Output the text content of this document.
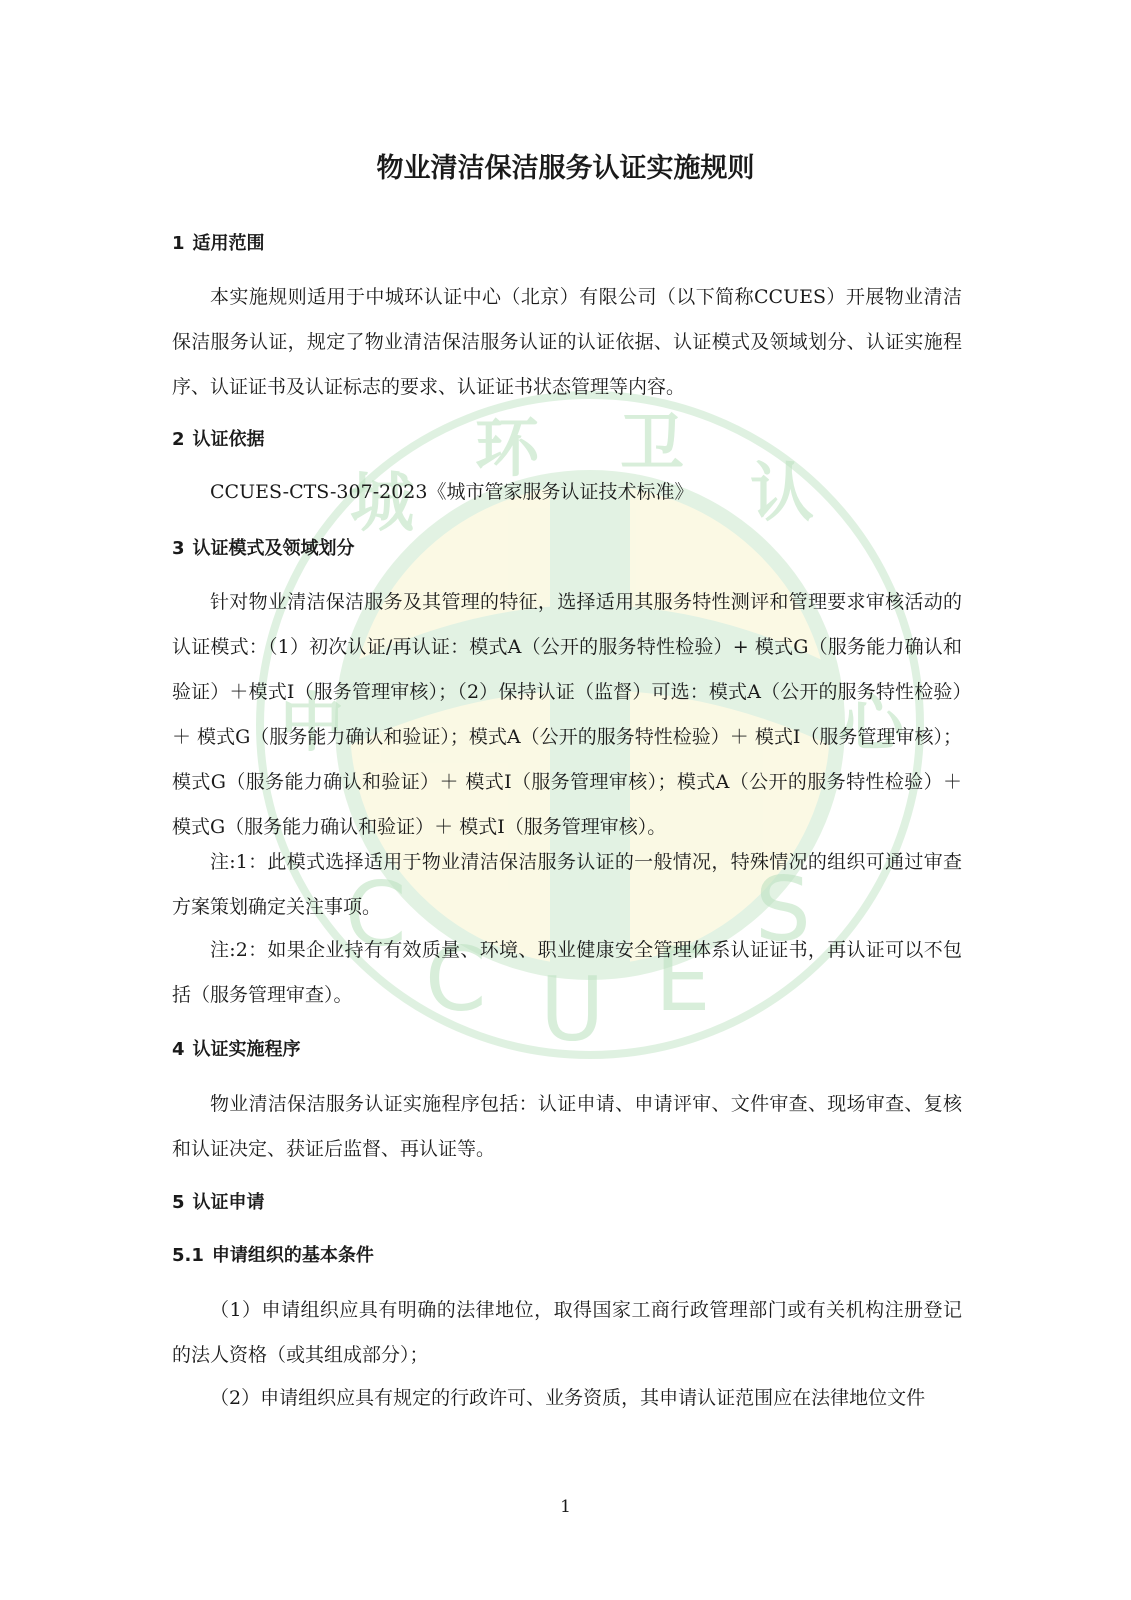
城
环 卫
认
中	心
C
C U E
S
物业清洁保洁服务认证实施规则
1 适用范围
本实施规则适用于中城环认证中心（北京）有限公司（以下简称CCUES）开展物业清洁保洁服务认证，规定了物业清洁保洁服务认证的认证依据、认证模式及领域划分、认证实施程序、认证证书及认证标志的要求、认证证书状态管理等内容。
2 认证依据
CCUES-CTS-307-2023《城市管家服务认证技术标准》
3 认证模式及领域划分
针对物业清洁保洁服务及其管理的特征，选择适用其服务特性测评和管理要求审核活动的认证模式：（1）初次认证/再认证：模式A（公开的服务特性检验）+ 模式G（服务能力确认和验证）＋模式I（服务管理审核）；（2）保持认证（监督）可选：模式A（公开的服务特性检验）＋ 模式G（服务能力确认和验证）；模式A（公开的服务特性检验）＋ 模式I（服务管理审核）；模式G（服务能力确认和验证）＋ 模式I（服务管理审核）；模式A（公开的服务特性检验）＋ 模式G（服务能力确认和验证）＋ 模式I（服务管理审核）。
注:1：此模式选择适用于物业清洁保洁服务认证的一般情况，特殊情况的组织可通过审查方案策划确定关注事项。
注:2：如果企业持有有效质量、环境、职业健康安全管理体系认证证书，再认证可以不包括（服务管理审查）。
4 认证实施程序
物业清洁保洁服务认证实施程序包括：认证申请、申请评审、文件审查、现场审查、复核和认证决定、获证后监督、再认证等。
5 认证申请
5.1 申请组织的基本条件
（1）申请组织应具有明确的法律地位，取得国家工商行政管理部门或有关机构注册登记的法人资格（或其组成部分）；
（2）申请组织应具有规定的行政许可、业务资质，其申请认证范围应在法律地位文件
1
